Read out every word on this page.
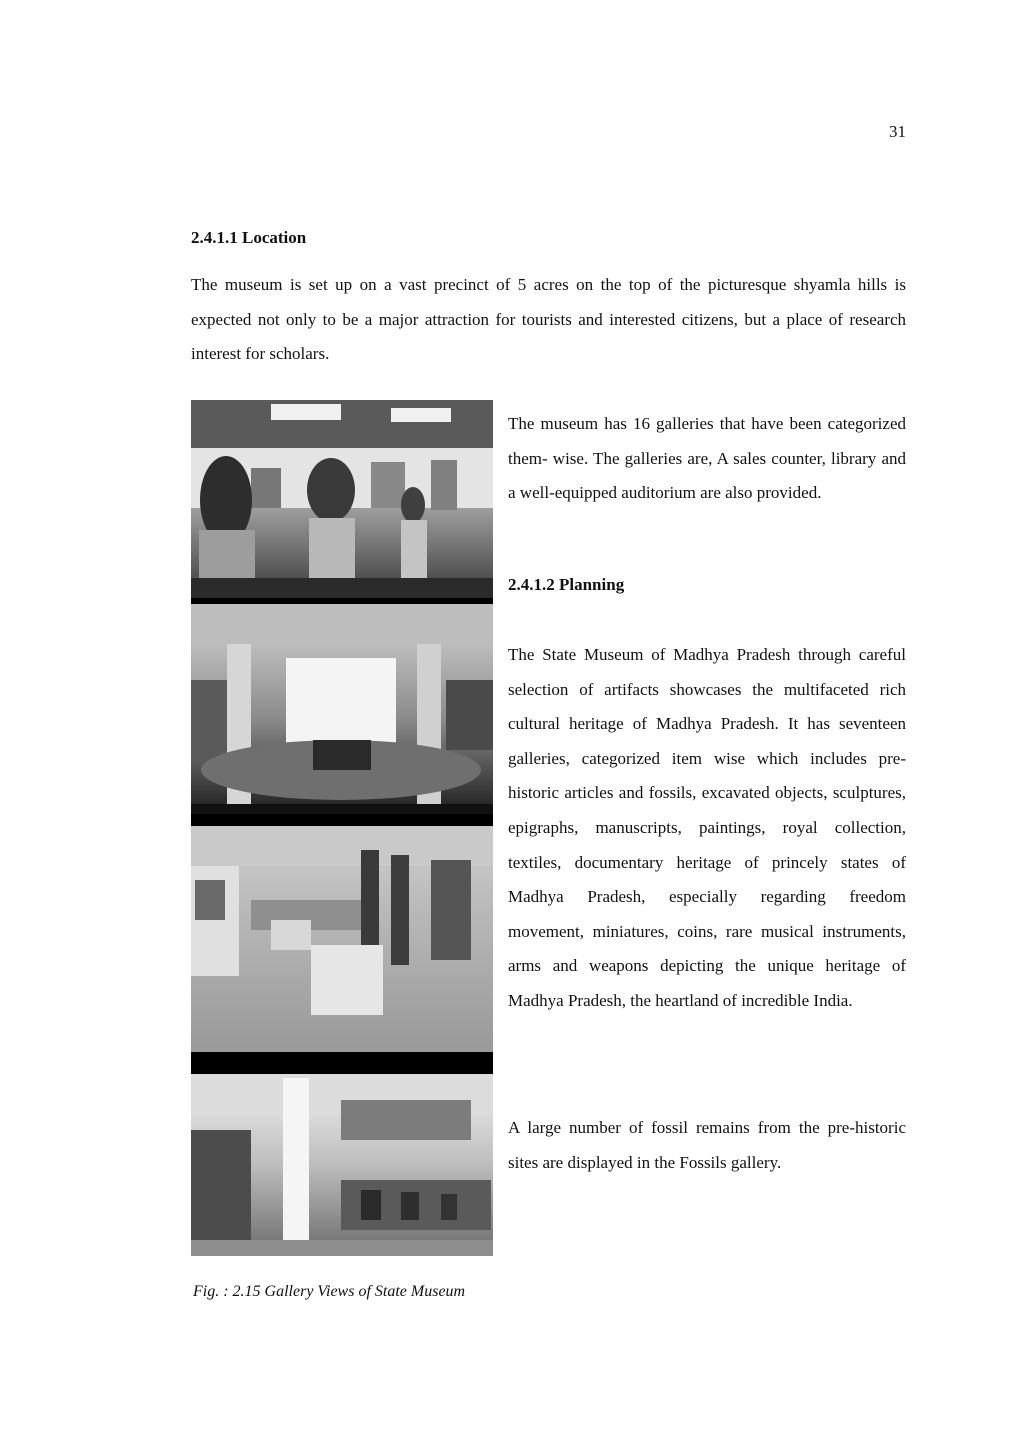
31
2.4.1.1 Location

The museum is set up on a vast precinct of 5 acres on the top of the picturesque shyamla hills is expected not only to be a major attraction for tourists and interested citizens, but a place of research interest for scholars.

The museum has 16 galleries that have been categorized them- wise. The galleries are, A sales counter, library and a well-equipped auditorium are also provided.

2.4.1.2 Planning

The State Museum of Madhya Pradesh through careful selection of artifacts showcases the multifaceted rich cultural heritage of Madhya Pradesh. It has seventeen galleries, categorized item wise which includes pre-historic articles and fossils, excavated objects, sculptures, epigraphs, manuscripts, paintings, royal collection, textiles, documentary heritage of princely states of Madhya Pradesh, especially regarding freedom movement, miniatures, coins, rare musical instruments, arms and weapons depicting the unique heritage of Madhya Pradesh, the heartland of incredible India.

A large number of fossil remains from the pre-historic sites are displayed in the Fossils gallery.

Fig. : 2.15 Gallery Views of State Museum
